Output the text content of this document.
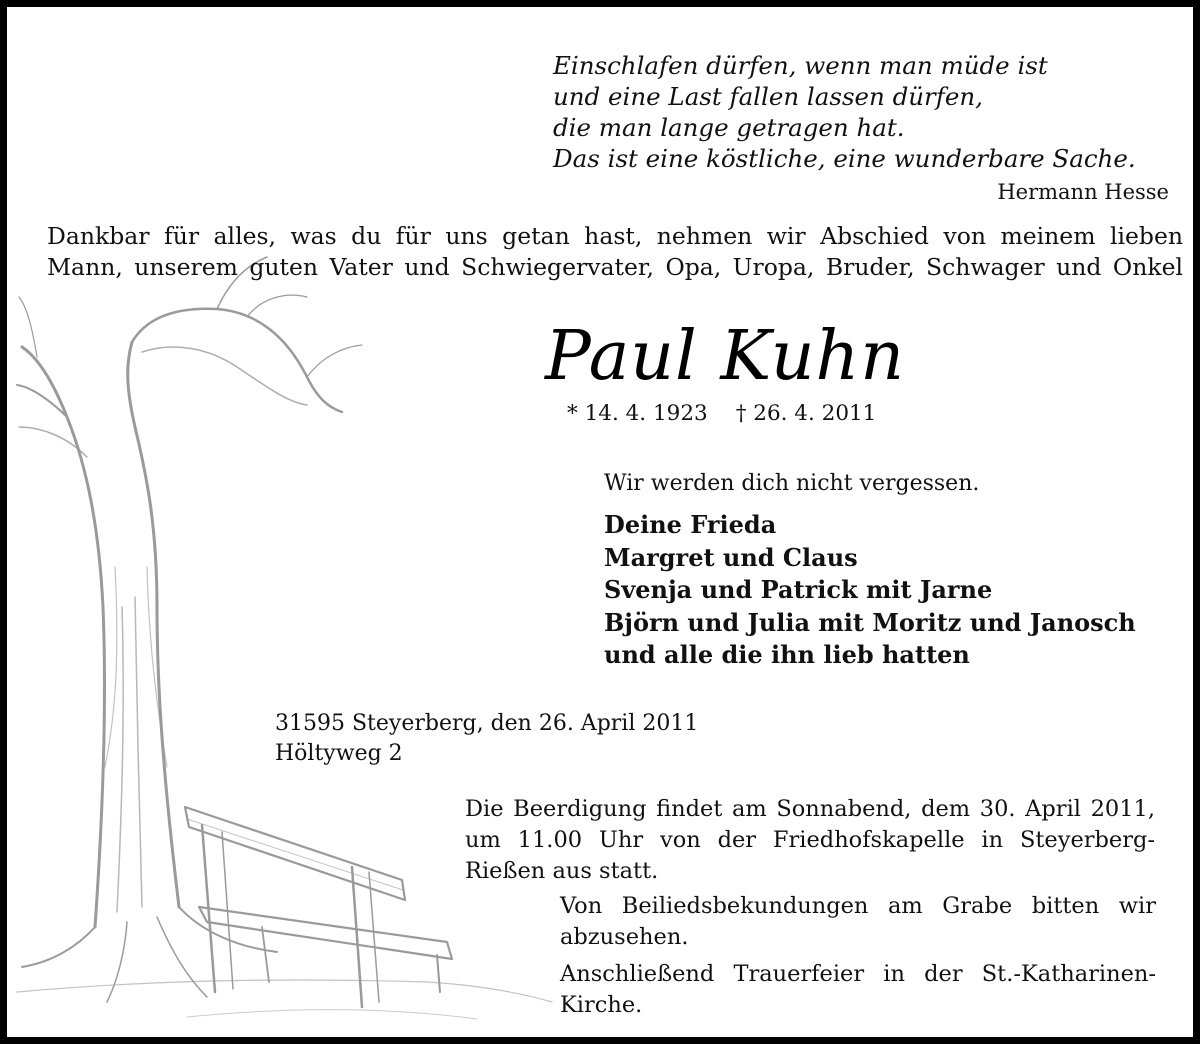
Einschlafen dürfen, wenn man müde ist
und eine Last fallen lassen dürfen,
die man lange getragen hat.
Das ist eine köstliche, eine wunderbare Sache.
Hermann Hesse
Dankbar für alles, was du für uns getan hast, nehmen wir Abschied von meinem lieben
Mann, unserem guten Vater und Schwiegervater, Opa, Uropa, Bruder, Schwager und Onkel
Paul Kuhn
* 14. 4. 1923 † 26. 4. 2011
Wir werden dich nicht vergessen.
Deine Frieda
Margret und Claus
Svenja und Patrick mit Jarne
Björn und Julia mit Moritz und Janosch
und alle die ihn lieb hatten
31595 Steyerberg, den 26. April 2011
Höltyweg 2
Die Beerdigung findet am Sonnabend, dem 30. April 2011,
um 11.00 Uhr von der Friedhofskapelle in Steyerberg-
Rießen aus statt.
Von Beiliedsbekundungen am Grabe bitten wir
abzusehen.
Anschließend Trauerfeier in der St.-Katharinen-
Kirche.
